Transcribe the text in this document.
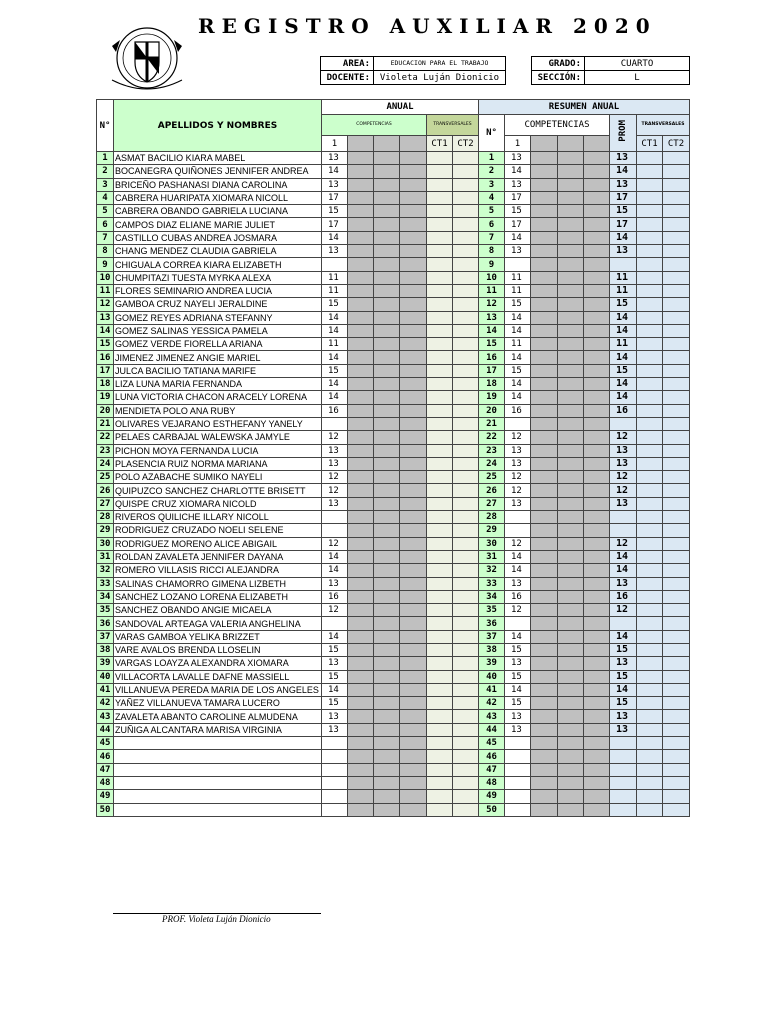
REGISTRO AUXILIAR 2020
AREA:	EDUCACION PARA EL TRABAJO
DOCENTE:	Violeta Luján Dionicio
GRADO:	CUARTO
SECCIÓN:	L
N°	APELLIDOS Y NOMBRES	ANUAL						RESUMEN ANUAL							
		COMPETENCIAS				TRANSVERSALES		N°	COMPETENCIAS				PROM	TRANSVERSALES	
		1				CT1	CT2		1					CT1	CT2
1	ASMAT BACILIO KIARA MABEL	13						1	13				13		
2	BOCANEGRA QUIÑONES JENNIFER ANDREA	14						2	14				14		
3	BRICEÑO PASHANASI DIANA CAROLINA	13						3	13				13		
4	CABRERA HUARIPATA XIOMARA NICOLL	17						4	17				17		
5	CABRERA OBANDO GABRIELA LUCIANA	15						5	15				15		
6	CAMPOS DIAZ ELIANE MARIE JULIET	17						6	17				17		
7	CASTILLO CUBAS ANDREA JOSMARA	14						7	14				14		
8	CHANG MENDEZ CLAUDIA GABRIELA	13						8	13				13		
9	CHIGUALA CORREA KIARA ELIZABETH							9							
10	CHUMPITAZI TUESTA MYRKA ALEXA	11						10	11				11		
11	FLORES SEMINARIO ANDREA LUCIA	11						11	11				11		
12	GAMBOA CRUZ NAYELI JERALDINE	15						12	15				15		
13	GOMEZ REYES ADRIANA STEFANNY	14						13	14				14		
14	GOMEZ SALINAS YESSICA PAMELA	14						14	14				14		
15	GOMEZ VERDE FIORELLA ARIANA	11						15	11				11		
16	JIMENEZ JIMENEZ ANGIE MARIEL	14						16	14				14		
17	JULCA BACILIO TATIANA MARIFE	15						17	15				15		
18	LIZA LUNA MARIA FERNANDA	14						18	14				14		
19	LUNA VICTORIA CHACON ARACELY LORENA	14						19	14				14		
20	MENDIETA POLO ANA RUBY	16						20	16				16		
21	OLIVARES VEJARANO ESTHEFANY YANELY							21							
22	PELAES CARBAJAL WALEWSKA JAMYLE	12						22	12				12		
23	PICHON MOYA FERNANDA LUCIA	13						23	13				13		
24	PLASENCIA RUIZ NORMA MARIANA	13						24	13				13		
25	POLO AZABACHE SUMIKO NAYELI	12						25	12				12		
26	QUIPUZCO SANCHEZ CHARLOTTE BRISETT	12						26	12				12		
27	QUISPE CRUZ XIOMARA NICOLD	13						27	13				13		
28	RIVEROS QUILICHE ILLARY NICOLL							28							
29	RODRIGUEZ CRUZADO NOELI SELENE							29							
30	RODRIGUEZ MORENO ALICE ABIGAIL	12						30	12				12		
31	ROLDAN ZAVALETA JENNIFER DAYANA	14						31	14				14		
32	ROMERO VILLASIS RICCI ALEJANDRA	14						32	14				14		
33	SALINAS CHAMORRO GIMENA LIZBETH	13						33	13				13		
34	SANCHEZ LOZANO LORENA ELIZABETH	16						34	16				16		
35	SANCHEZ OBANDO ANGIE MICAELA	12						35	12				12		
36	SANDOVAL ARTEAGA VALERIA ANGHELINA							36							
37	VARAS GAMBOA YELIKA BRIZZET	14						37	14				14		
38	VARE AVALOS BRENDA LLOSELIN	15						38	15				15		
39	VARGAS LOAYZA ALEXANDRA XIOMARA	13						39	13				13		
40	VILLACORTA LAVALLE DAFNE MASSIELL	15						40	15				15		
41	VILLANUEVA PEREDA MARIA DE LOS ANGELES	14						41	14				14		
42	YAÑEZ VILLANUEVA TAMARA LUCERO	15						42	15				15		
43	ZAVALETA ABANTO CAROLINE ALMUDENA	13						43	13				13		
44	ZUÑIGA ALCANTARA MARISA VIRGINIA	13						44	13				13		
45								45							
46								46							
47								47							
48								48							
49								49							
50								50							
PROF. Violeta Luján Dionicio
